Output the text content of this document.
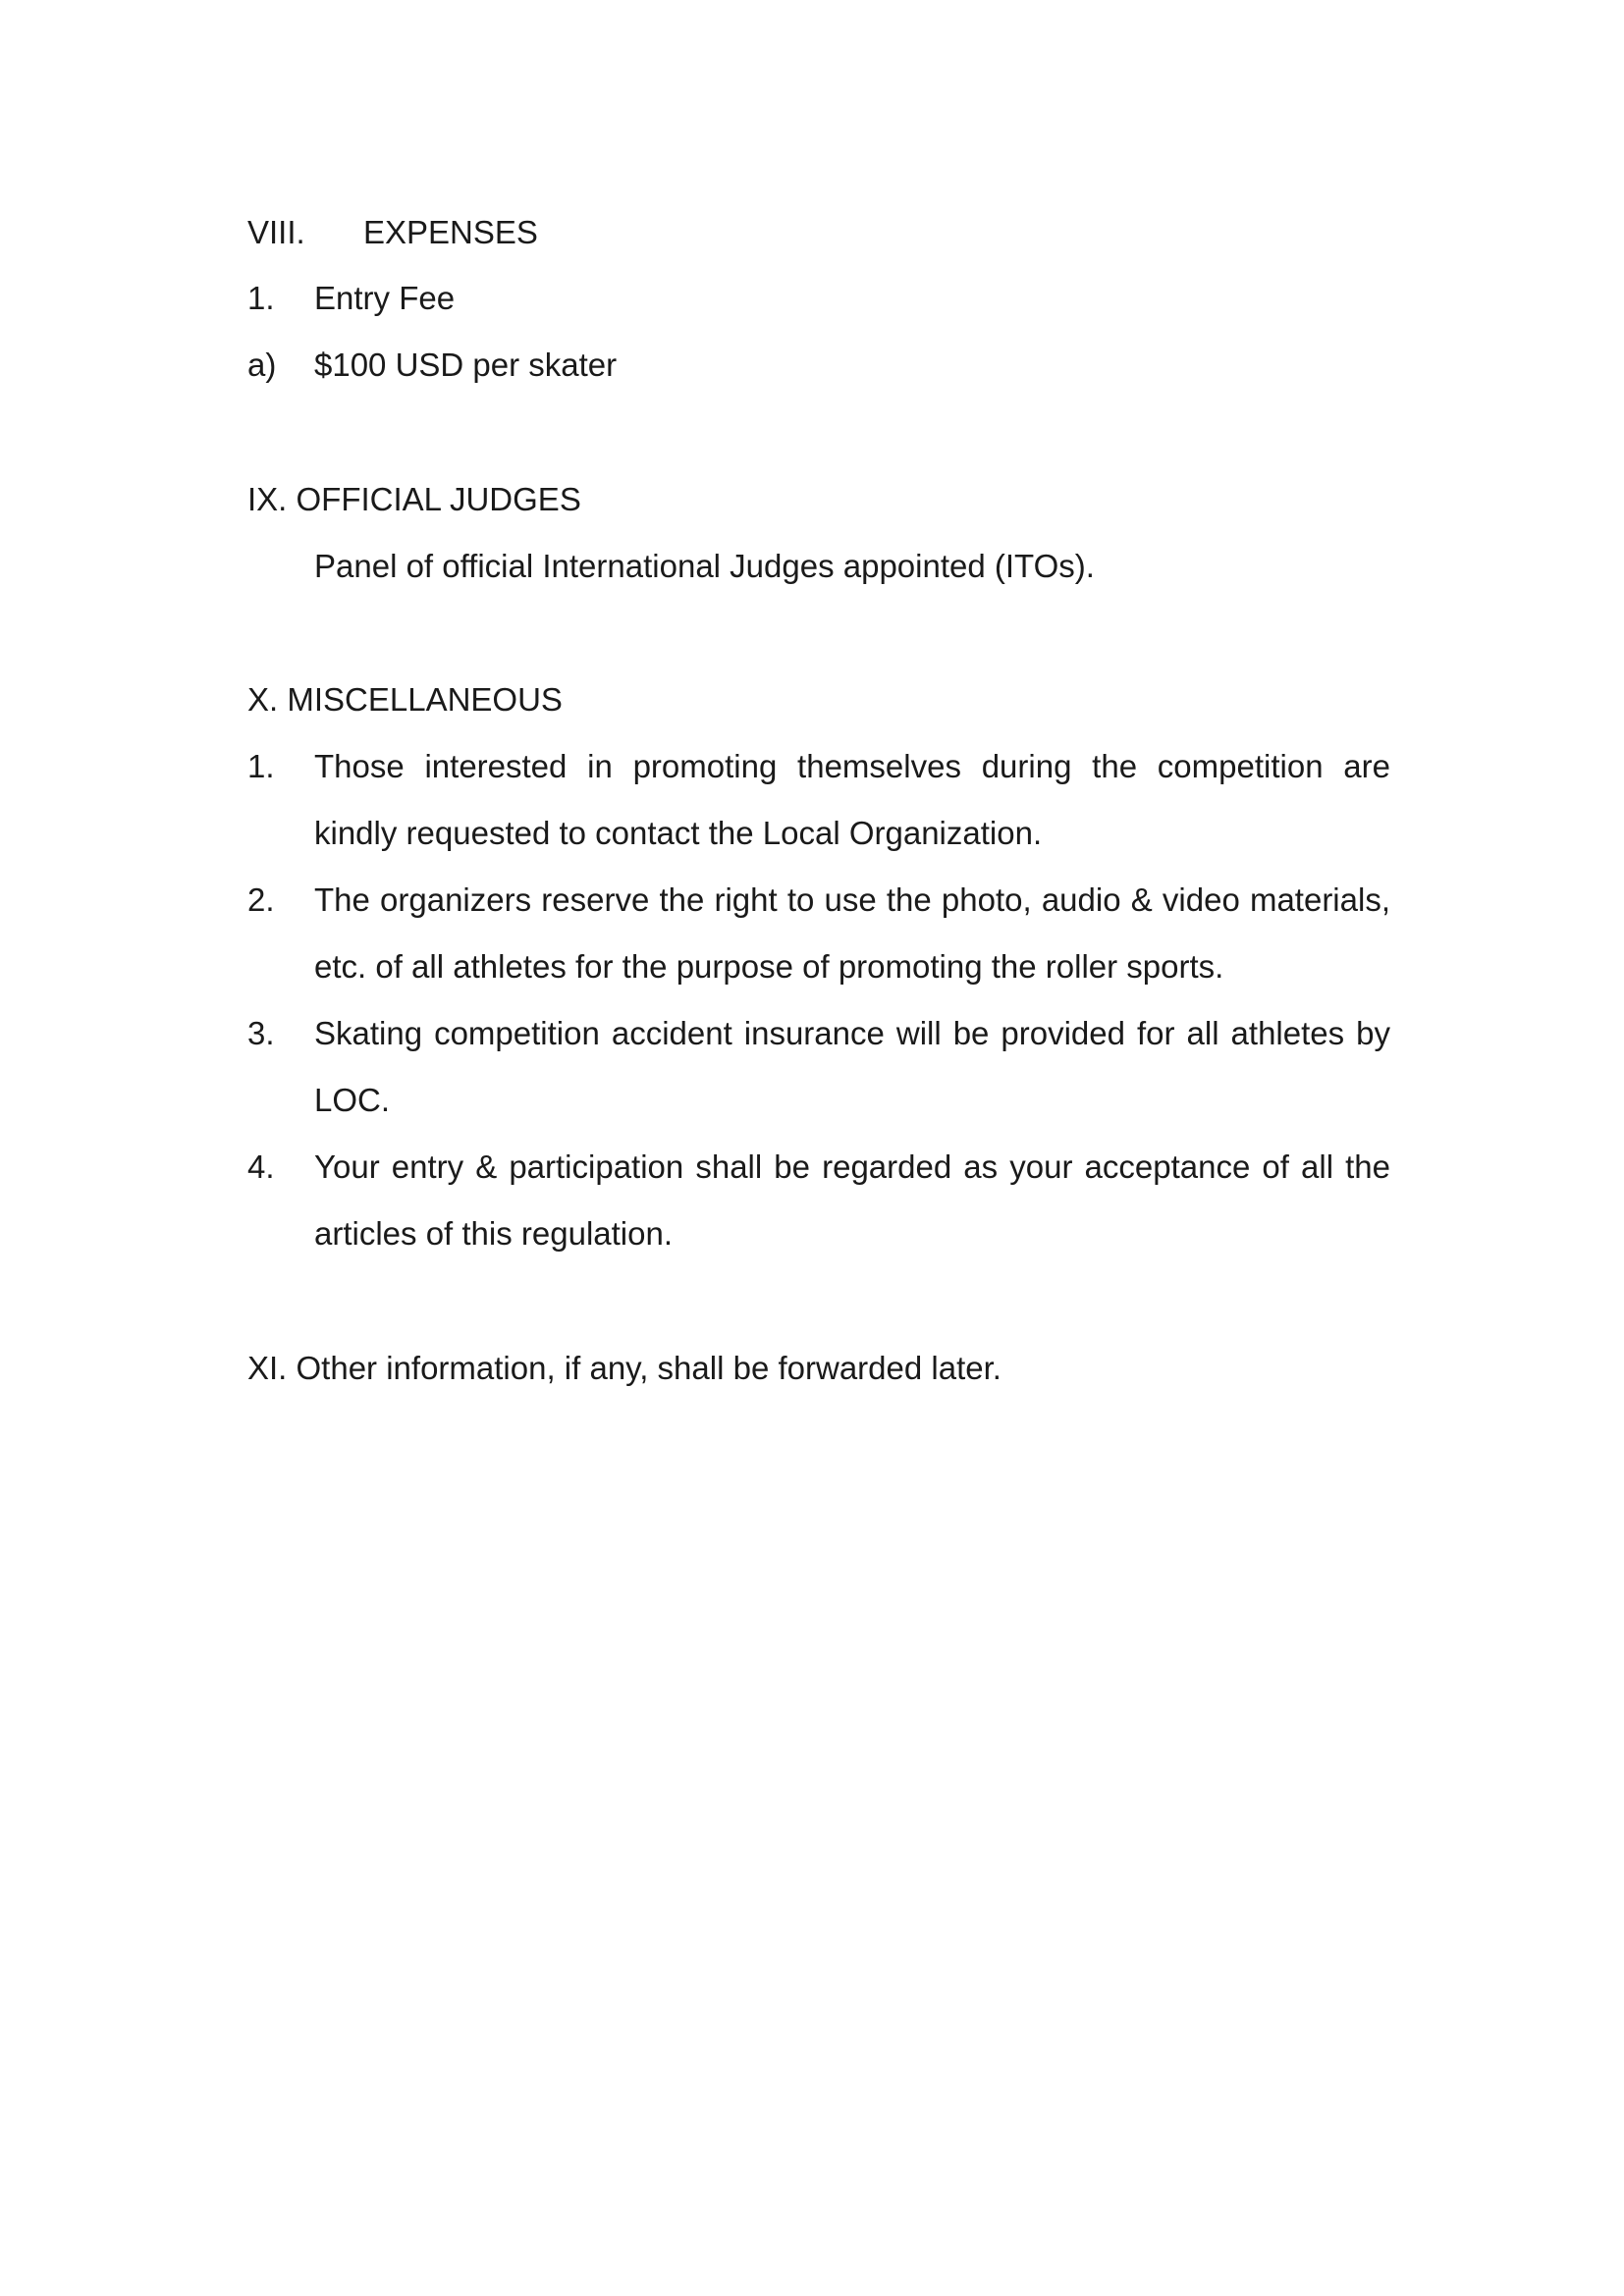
VIII. EXPENSES
1. Entry Fee
a) $100 USD per skater
IX. OFFICIAL JUDGES
Panel of official International Judges appointed (ITOs).
X. MISCELLANEOUS
1. Those interested in promoting themselves during the competition are
kindly requested to contact the Local Organization.
2. The organizers reserve the right to use the photo, audio & video materials,
etc. of all athletes for the purpose of promoting the roller sports.
3. Skating competition accident insurance will be provided for all athletes by
LOC.
4. Your entry & participation shall be regarded as your acceptance of all the
articles of this regulation.
XI. Other information, if any, shall be forwarded later.
